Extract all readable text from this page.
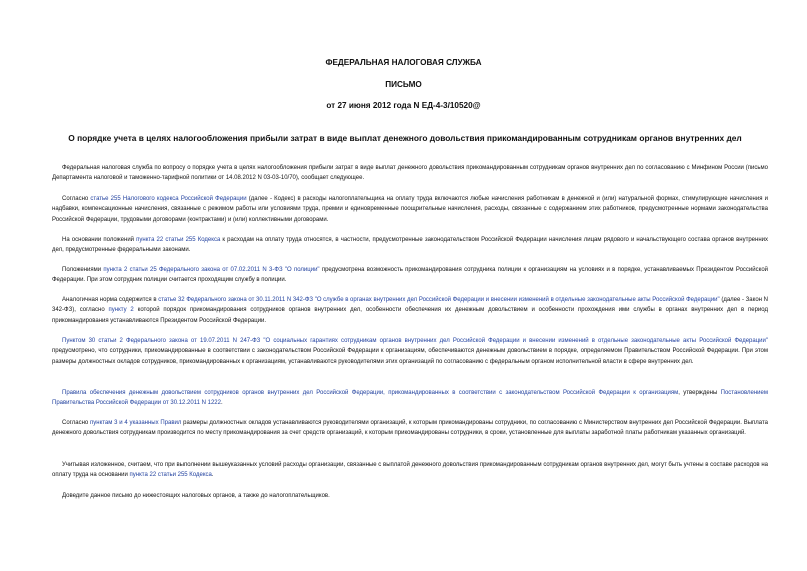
ФЕДЕРАЛЬНАЯ НАЛОГОВАЯ СЛУЖБА
ПИСЬМО
от 27 июня 2012 года N ЕД-4-3/10520@
О порядке учета в целях налогообложения прибыли затрат в виде выплат денежного довольствия прикомандированным сотрудникам органов внутренних дел
Федеральная налоговая служба по вопросу о порядке учета в целях налогообложения прибыли затрат в виде выплат денежного довольствия прикомандированным сотрудникам органов внутренних дел по согласованию с Минфином России (письмо Департамента налоговой и таможенно-тарифной политики от 14.08.2012 N 03-03-10/70), сообщает следующее.
Согласно статье 255 Налогового кодекса Российской Федерации (далее - Кодекс) в расходы налогоплательщика на оплату труда включаются любые начисления работникам в денежной и (или) натуральной формах, стимулирующие начисления и надбавки, компенсационные начисления, связанные с режимом работы или условиями труда, премии и единовременные поощрительные начисления, расходы, связанные с содержанием этих работников, предусмотренные нормами законодательства Российской Федерации, трудовыми договорами (контрактами) и (или) коллективными договорами.
На основании положений пункта 22 статьи 255 Кодекса к расходам на оплату труда относятся, в частности, предусмотренные законодательством Российской Федерации начисления лицам рядового и начальствующего состава органов внутренних дел, предусмотренные федеральными законами.
Положениями пункта 2 статьи 25 Федерального закона от 07.02.2011 N 3-ФЗ "О полиции" предусмотрена возможность прикомандирования сотрудника полиции к организациям на условиях и в порядке, устанавливаемых Президентом Российской Федерации. При этом сотрудник полиции считается проходящим службу в полиции.
Аналогичная норма содержится в статье 32 Федерального закона от 30.11.2011 N 342-ФЗ "О службе в органах внутренних дел Российской Федерации и внесении изменений в отдельные законодательные акты Российской Федерации" (далее - Закон N 342-ФЗ), согласно пункту 2 которой порядок прикомандирования сотрудников органов внутренних дел, особенности обеспечения их денежным довольствием и особенности прохождения ими службы в органах внутренних дел в период прикомандирования устанавливаются Президентом Российской Федерации.
Пунктом 30 статьи 2 Федерального закона от 19.07.2011 N 247-ФЗ "О социальных гарантиях сотрудникам органов внутренних дел Российской Федерации и внесении изменений в отдельные законодательные акты Российской Федерации" предусмотрено, что сотрудники, прикомандированные в соответствии с законодательством Российской Федерации к организациям, обеспечиваются денежным довольствием в порядке, определяемом Правительством Российской Федерации. При этом размеры должностных окладов сотрудников, прикомандированных к организациям, устанавливаются руководителями этих организаций по согласованию с федеральным органом исполнительной власти в сфере внутренних дел.
Правила обеспечения денежным довольствием сотрудников органов внутренних дел Российской Федерации, прикомандированных в соответствии с законодательством Российской Федерации к организациям, утверждены Постановлением Правительства Российской Федерации от 30.12.2011 N 1222.
Согласно пунктам 3 и 4 указанных Правил размеры должностных окладов устанавливаются руководителями организаций, к которым прикомандированы сотрудники, по согласованию с Министерством внутренних дел Российской Федерации. Выплата денежного довольствия сотрудникам производится по месту прикомандирования за счет средств организаций, к которым прикомандированы сотрудники, в сроки, установленные для выплаты заработной платы работникам указанных организаций.
Учитывая изложенное, считаем, что при выполнении вышеуказанных условий расходы организации, связанные с выплатой денежного довольствия прикомандированным сотрудникам органов внутренних дел, могут быть учтены в составе расходов на оплату труда на основании пункта 22 статьи 255 Кодекса.
Доведите данное письмо до нижестоящих налоговых органов, а также до налогоплательщиков.
